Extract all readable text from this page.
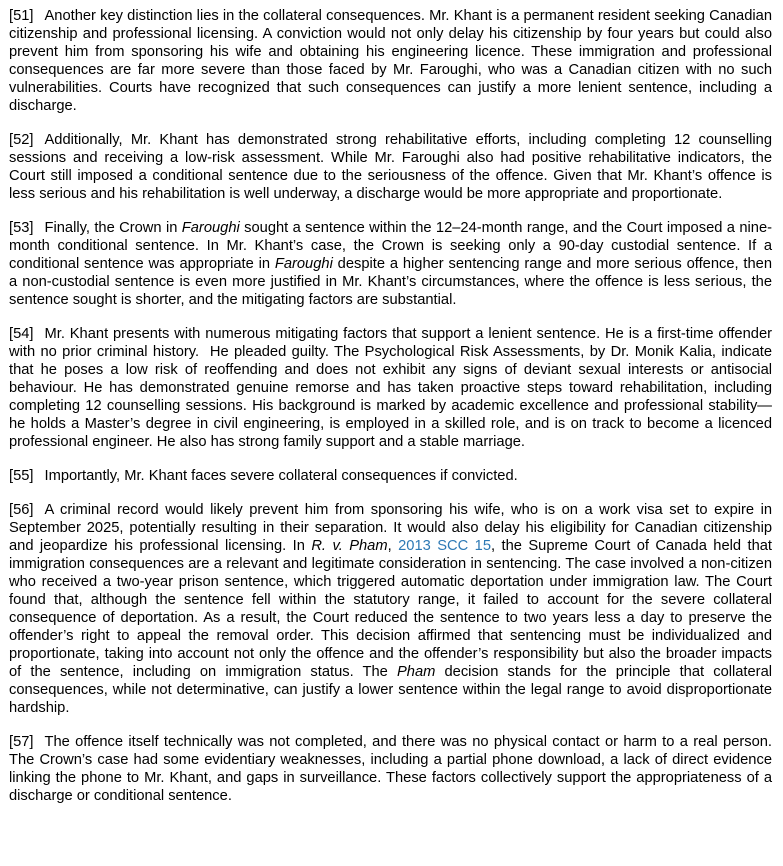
[51] Another key distinction lies in the collateral consequences. Mr. Khant is a permanent resident seeking Canadian citizenship and professional licensing. A conviction would not only delay his citizenship by four years but could also prevent him from sponsoring his wife and obtaining his engineering licence. These immigration and professional consequences are far more severe than those faced by Mr. Faroughi, who was a Canadian citizen with no such vulnerabilities. Courts have recognized that such consequences can justify a more lenient sentence, including a discharge.

[52] Additionally, Mr. Khant has demonstrated strong rehabilitative efforts, including completing 12 counselling sessions and receiving a low-risk assessment. While Mr. Faroughi also had positive rehabilitative indicators, the Court still imposed a conditional sentence due to the seriousness of the offence. Given that Mr. Khant’s offence is less serious and his rehabilitation is well underway, a discharge would be more appropriate and proportionate.

[53] Finally, the Crown in Faroughi sought a sentence within the 12–24-month range, and the Court imposed a nine-month conditional sentence. In Mr. Khant’s case, the Crown is seeking only a 90-day custodial sentence. If a conditional sentence was appropriate in Faroughi despite a higher sentencing range and more serious offence, then a non-custodial sentence is even more justified in Mr. Khant’s circumstances, where the offence is less serious, the sentence sought is shorter, and the mitigating factors are substantial.

[54] Mr. Khant presents with numerous mitigating factors that support a lenient sentence. He is a first-time offender with no prior criminal history.  He pleaded guilty. The Psychological Risk Assessments, by Dr. Monik Kalia, indicate that he poses a low risk of reoffending and does not exhibit any signs of deviant sexual interests or antisocial behaviour. He has demonstrated genuine remorse and has taken proactive steps toward rehabilitation, including completing 12 counselling sessions. His background is marked by academic excellence and professional stability—he holds a Master’s degree in civil engineering, is employed in a skilled role, and is on track to become a licenced professional engineer. He also has strong family support and a stable marriage.

[55] Importantly, Mr. Khant faces severe collateral consequences if convicted.

[56] A criminal record would likely prevent him from sponsoring his wife, who is on a work visa set to expire in September 2025, potentially resulting in their separation. It would also delay his eligibility for Canadian citizenship and jeopardize his professional licensing. In R. v. Pham, 2013 SCC 15, the Supreme Court of Canada held that immigration consequences are a relevant and legitimate consideration in sentencing. The case involved a non-citizen who received a two-year prison sentence, which triggered automatic deportation under immigration law. The Court found that, although the sentence fell within the statutory range, it failed to account for the severe collateral consequence of deportation. As a result, the Court reduced the sentence to two years less a day to preserve the offender’s right to appeal the removal order. This decision affirmed that sentencing must be individualized and proportionate, taking into account not only the offence and the offender’s responsibility but also the broader impacts of the sentence, including on immigration status. The Pham decision stands for the principle that collateral consequences, while not determinative, can justify a lower sentence within the legal range to avoid disproportionate hardship.

[57] The offence itself technically was not completed, and there was no physical contact or harm to a real person. The Crown’s case had some evidentiary weaknesses, including a partial phone download, a lack of direct evidence linking the phone to Mr. Khant, and gaps in surveillance. These factors collectively support the appropriateness of a discharge or conditional sentence.
